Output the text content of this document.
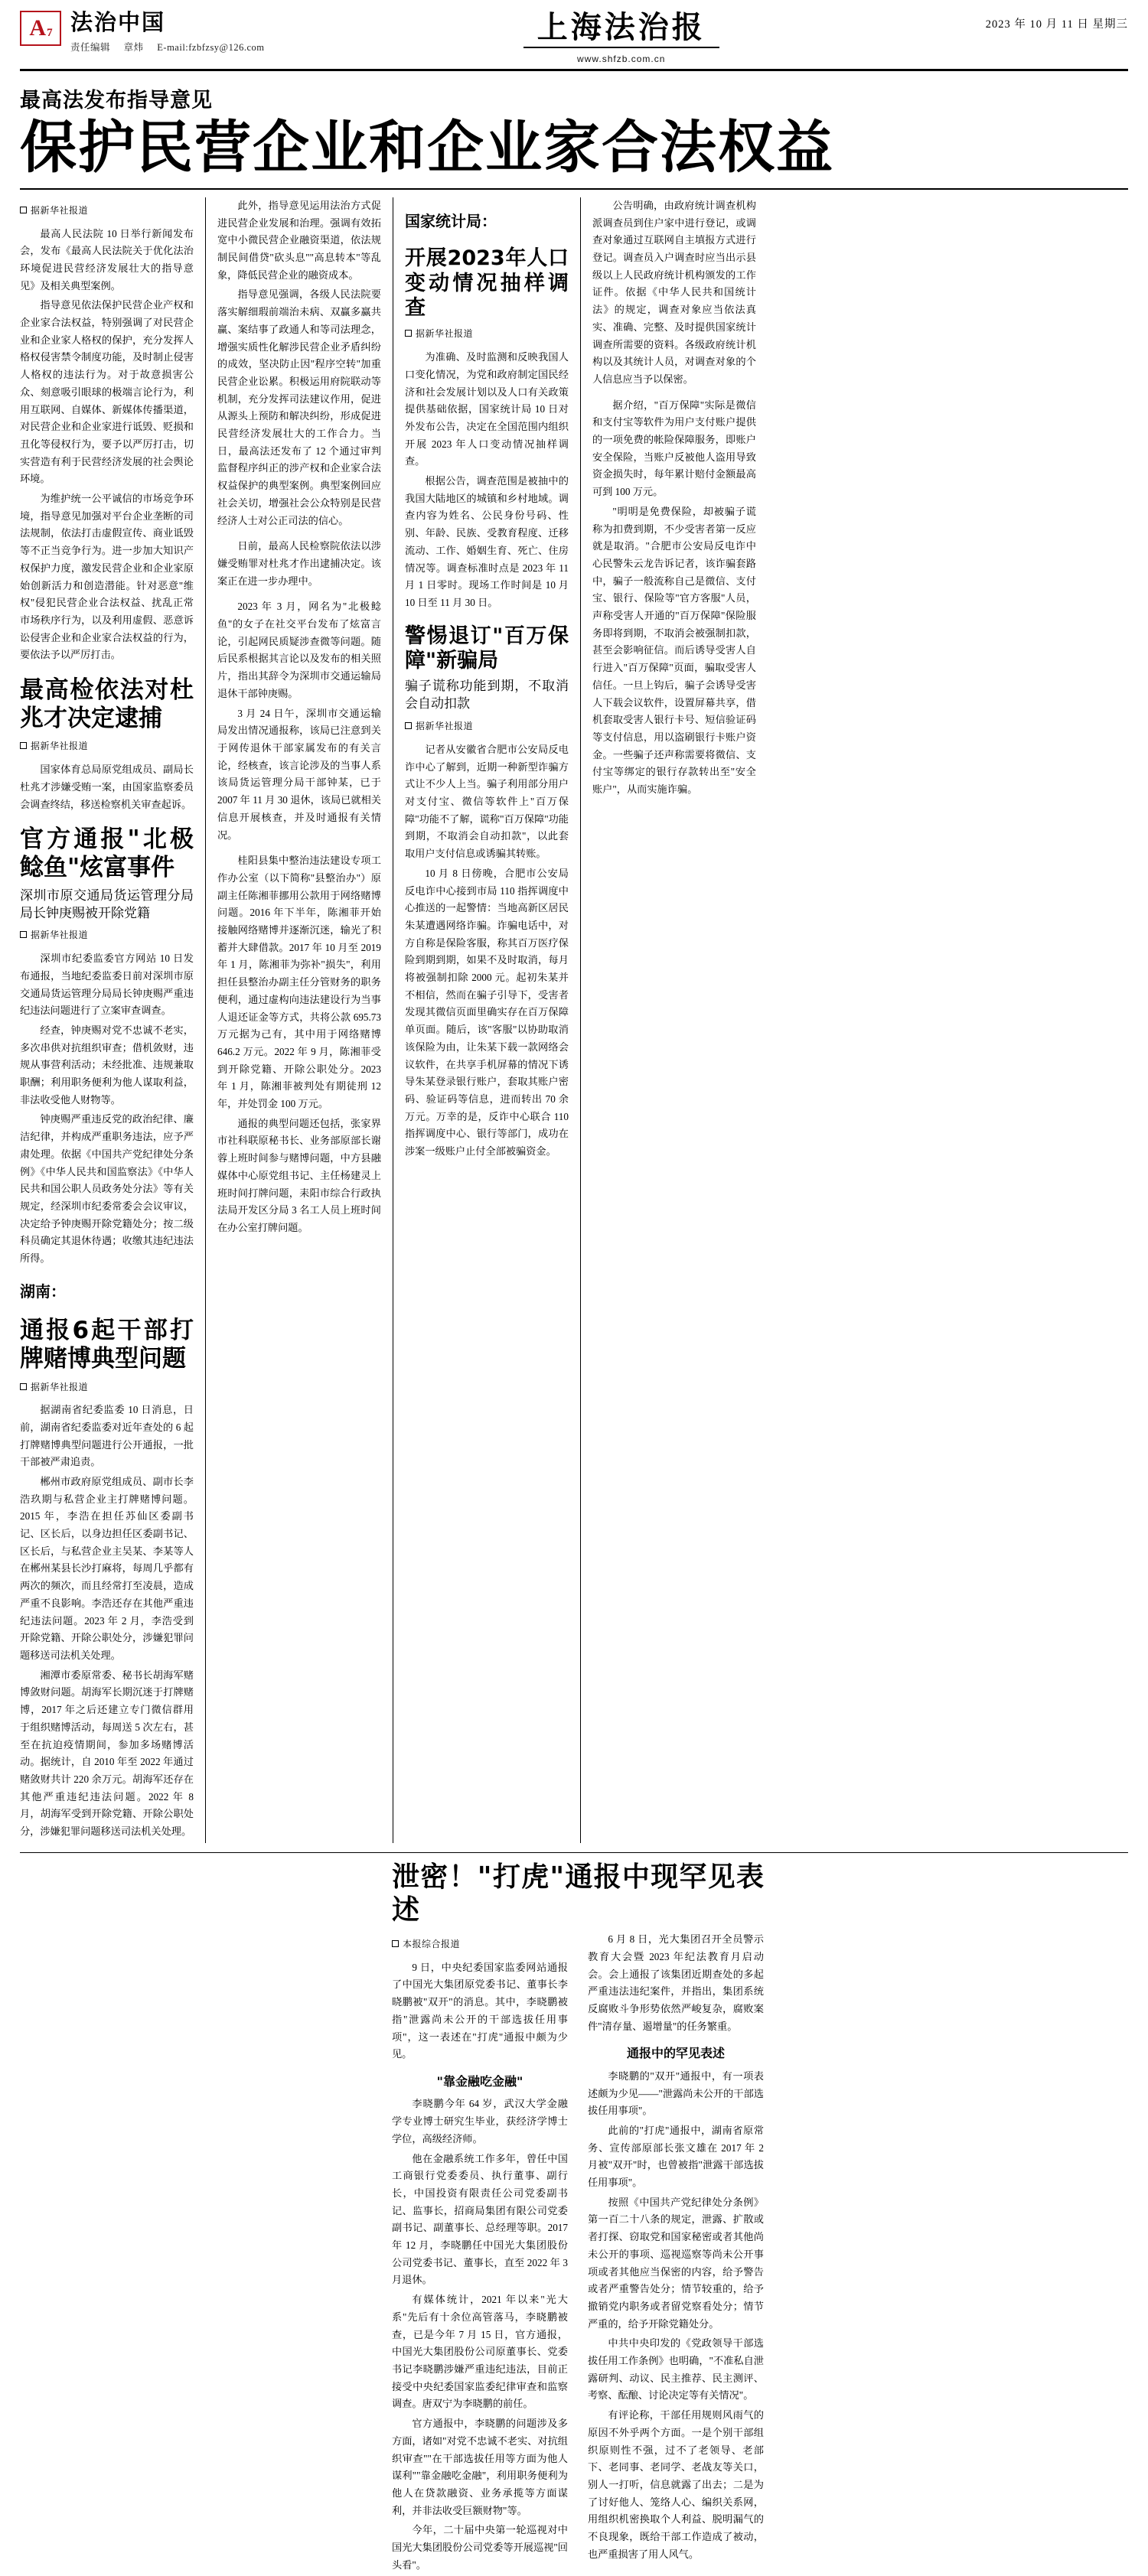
A 7 法治中国
责任编辑 章炜 E-mail:fzbfzsy@126.com
上海法治报
www.shfzb.com.cn
2023 年 10 月 11 日 星期三
最高法发布指导意见
保护民营企业和企业家合法权益
据新华社报道

最高人民法院 10 日举行新闻发布会，发布《最高人民法院关于优化法治环境促进民营经济发展壮大的指导意见》及相关典型案例。

指导意见依法保护民营企业产权和企业家合法权益，特别强调了对民营企业和企业家人格权的保护，充分发挥人格权侵害禁令制度功能，及时制止侵害人格权的违法行为。对于故意损害公众、刻意吸引眼球的极端言论行为，利用互联网、自媒体、新媒体传播渠道，对民营企业和企业家进行诋毁、贬损和丑化等侵权行为，要予以严厉打击，切实营造有利于民营经济发展的社会舆论环境。

为维护统一公平诚信的市场竞争环境，指导意见加强对平台企业垄断的司法规制，依法打击虚假宣传、商业诋毁等不正当竞争行为。进一步加大知识产权保护力度，激发民营企业和企业家原始创新活力和创造潜能。针对恶意"维权"侵犯民营企业合法权益、扰乱正常市场秩序行为，以及利用虚假、恶意诉讼侵害企业和企业家合法权益的行为，要依法予以严厉打击。

最高检依法对杜兆才决定逮捕
据新华社报道

国家体育总局原党组成员、副局长杜兆才涉嫌受贿一案，由国家监察委员会调查终结，移送检察机关审查起诉。

官方通报"北极鲶鱼"炫富事件
深圳市原交通局货运管理分局局长钟庚赐被开除党籍
据新华社报道

深圳市纪委监委官方网站 10 日发布通报，当地纪委监委日前对深圳市原交通局货运管理分局局长钟庚赐严重违纪违法问题进行了立案审查调查。

经查，钟庚赐对党不忠诚不老实，多次串供对抗组织审查；借机敛财，违规从事营利活动；未经批准、违规兼取职酬；利用职务便利为他人谋取利益，非法收受他人财物等。

钟庚赐严重违反党的政治纪律、廉洁纪律，并构成严重职务违法，应予严肃处理。依据《中国共产党纪律处分条例》《中华人民共和国监察法》《中华人民共和国公职人员政务处分法》等有关规定，经深圳市纪委常委会会议审议，决定给予钟庚赐开除党籍处分；按二级科员确定其退休待遇；收缴其违纪违法所得。

湖南：
通报6起干部打牌赌博典型问题
据新华社报道

据湖南省纪委监委 10 日消息，日前，湖南省纪委监委对近年查处的 6 起打牌赌博典型问题进行公开通报，一批干部被严肃追责。

郴州市政府原党组成员、副市长李浩玖期与私营企业主打牌赌博问题。2015 年，李浩在担任苏仙区委副书记、区长后，以身边担任区委副书记、区长后，与私营企业主吴某、李某等人在郴州某县长沙打麻将，每周几乎都有两次的频次，而且经常打至凌晨，造成严重不良影响。李浩还存在其他严重违纪违法问题。2023 年 2 月，李浩受到开除党籍、开除公职处分，涉嫌犯罪问题移送司法机关处理。

湘潭市委原常委、秘书长胡海军赌博敛财问题。胡海军长期沉迷于打牌赌博，2017 年之后还建立专门微信群用于组织赌博活动，每周送 5 次左右，甚至在抗迫疫情期间，参加多场赌博活动。据统计，自 2010 年至 2022 年通过赌敛财共计 220 余万元。胡海军还存在其他严重违纪违法问题。2022 年 8 月，胡海军受到开除党籍、开除公职处分，涉嫌犯罪问题移送司法机关处理。

此外，指导意见运用法治方式促进民营企业发展和治理。强调有效拓宽中小微民营企业融资渠道，依法规制民间借贷"砍头息""高息转本"等乱象，降低民营企业的融资成本。

指导意见强调，各级人民法院要落实解细瑕前端治未病、双赢多赢共赢、案结事了政通人和等司法理念，增强实质性化解涉民营企业矛盾纠纷的成效，坚决防止因"程序空转"加重民营企业讼累。积极运用府院联动等机制，充分发挥司法建议作用，促进从源头上预防和解决纠纷，形成促进民营经济发展壮大的工作合力。当日，最高法还发布了 12 个通过审判监督程序纠正的涉产权和企业家合法权益保护的典型案例。典型案例回应社会关切，增强社会公众特别是民营经济人士对公正司法的信心。

日前，最高人民检察院依法以涉嫌受贿罪对杜兆才作出逮捕决定。该案正在进一步办理中。

2023 年 3 月，网名为"北极鲶鱼"的女子在社交平台发布了炫富言论，引起网民质疑涉查微等问题。随后民系根据其言论以及发布的相关照片，指出其辞令为深圳市交通运输局退休干部钟庚赐。

3 月 24 日午，深圳市交通运输局发出情况通报称，该局已注意到关于网传退休干部家属发布的有关言论，经核查，该言论涉及的当事人系该局货运管理分局干部钟某，已于 2007 年 11 月 30 退休，该局已就相关信息开展核查，并及时通报有关情况。

桂阳县集中整治违法建设专项工作办公室（以下简称"县整治办"）原副主任陈湘菲挪用公款用于网络赌博问题。2016 年下半年，陈湘菲开始接触网络赌博并逐渐沉迷，输光了积蓄并大肆借款。2017 年 10 月至 2019 年 1 月，陈湘菲为弥补"损失"，利用担任县整治办副主任分管财务的职务便利，通过虚构向违法建设行为当事人退还证金等方式，共将公款 695.73 万元据为己有，其中用于网络赌博 646.2 万元。2022 年 9 月，陈湘菲受到开除党籍、开除公职处分。2023 年 1 月，陈湘菲被判处有期徒刑 12 年，并处罚金 100 万元。

通报的典型问题还包括，张家界市社科联原秘书长、业务部原部长谢蓉上班时间参与赌博问题，中方县融媒体中心原党组书记、主任杨建灵上班时间打牌问题，耒阳市综合行政执法局开发区分局 3 名工人员上班时间在办公室打牌问题。

国家统计局：
开展2023年人口变动情况抽样调查
据新华社报道

为准确、及时监测和反映我国人口变化情况，为党和政府制定国民经济和社会发展计划以及人口有关政策提供基础依据，国家统计局 10 日对外发布公告，决定在全国范围内组织开展 2023 年人口变动情况抽样调查。

根据公告，调查范围是被抽中的我国大陆地区的城镇和乡村地域。调查内容为姓名、公民身份号码、性别、年龄、民族、受教育程度、迁移流动、工作、婚姻生育、死亡、住房情况等。调查标准时点是 2023 年 11 月 1 日零时。现场工作时间是 10 月 10 日至 11 月 30 日。

警惕退订"百万保障"新骗局
骗子谎称功能到期，不取消会自动扣款
据新华社报道

记者从安徽省合肥市公安局反电诈中心了解到，近期一种新型诈骗方式让不少人上当。骗子利用部分用户对支付宝、微信等软件上"百万保障"功能不了解，谎称"百万保障"功能到期，不取消会自动扣款"，以此套取用户支付信息或诱骗其转账。

10 月 8 日傍晚，合肥市公安局反电诈中心接到市局 110 指挥调度中心推送的一起警情：当地高新区居民朱某遭遇网络诈骗。诈骗电话中，对方自称是保险客服，称其百万医疗保险到期到期，如果不及时取消，每月将被强制扣除 2000 元。起初朱某并不相信，然而在骗子引导下，受害者发现其微信页面里确实存在百万保障单页面。随后，该"客服"以协助取消该保险为由，让朱某下载一款网络会议软件，在共享手机屏幕的情况下诱导朱某登录银行账户，套取其账户密码、验证码等信息，进而转出 70 余万元。万幸的是，反诈中心联合 110 指挥调度中心、银行等部门，成功在涉案一级账户止付全部被骗资金。

公告明确，由政府统计调查机构派调查员到住户家中进行登记，或调查对象通过互联网自主填报方式进行登记。调查员入户调查时应当出示县级以上人民政府统计机构颁发的工作证件。依据《中华人民共和国统计法》的规定，调查对象应当依法真实、准确、完整、及时提供国家统计调查所需要的资料。各级政府统计机构以及其统计人员，对调查对象的个人信息应当予以保密。

据介绍，"百万保障"实际是微信和支付宝等软件为用户支付账户提供的一项免费的帐险保障服务，即账户安全保险，当账户反被他人盗用导致资金损失时，每年累计赔付金额最高可到 100 万元。

"明明是免费保险，却被骗子谎称为扣费到期，不少受害者第一反应就是取消。"合肥市公安局反电诈中心民警朱云龙告诉记者，该诈骗套路中，骗子一般流称自己是微信、支付宝、银行、保险等"官方客服"人员，声称受害人开通的"百万保障"保险服务即将到期，不取消会被强制扣款，甚至会影响征信。而后诱导受害人自行进入"百万保障"页面，骗取受害人信任。一旦上钩后，骗子会诱导受害人下载会议软件，设置屏幕共享，借机套取受害人银行卡号、短信验证码等支付信息，用以盗刷银行卡账户资金。一些骗子还声称需要将微信、支付宝等绑定的银行存款转出至"安全账户"，从而实施诈骗。

泄密！"打虎"通报中现罕见表述
本报综合报道

9 日，中央纪委国家监委网站通报了中国光大集团原党委书记、董事长李晓鹏被"双开"的消息。其中，李晓鹏被指"泄露尚未公开的干部选拔任用事项"，这一表述在"打虎"通报中颇为少见。

"靠金融吃金融"

李晓鹏今年 64 岁，武汉大学金融学专业博士研究生毕业，获经济学博士学位，高级经济师。

他在金融系统工作多年，曾任中国工商银行党委委员、执行董事、副行长，中国投资有限责任公司党委副书记、监事长，招商局集团有限公司党委副书记、副董事长、总经理等职。2017 年 12 月，李晓鹏任中国光大集团股份公司党委书记、董事长，直至 2022 年 3 月退休。

有媒体统计，2021 年以来"光大系"先后有十余位高管落马，李晓鹏被查，已是今年 7 月 15 日，官方通报，中国光大集团股份公司原董事长、党委书记李晓鹏涉嫌严重违纪违法，目前正接受中央纪委国家监委纪律审查和监察调查。唐双宁为李晓鹏的前任。

官方通报中，李晓鹏的问题涉及多方面，诸如"对党不忠诚不老实、对抗组织审查""在干部选拔任用等方面为他人谋利""靠金融吃金融"，利用职务便利为他人在贷款融资、业务承揽等方面谋利，并非法收受巨额财物"等。

今年，二十届中央第一轮巡视对中国光大集团股份公司党委等开展巡视"回头看"。

6 月 8 日，光大集团召开全员警示教育大会暨 2023 年纪法教育月启动会。会上通报了该集团近期查处的多起严重违法违纪案件，并指出，集团系统反腐败斗争形势依然严峻复杂，腐败案件"清存量、遏增量"的任务繁重。

通报中的罕见表述

李晓鹏的"双开"通报中，有一项表述颇为少见——"泄露尚未公开的干部选拔任用事项"。

此前的"打虎"通报中，湖南省原常务、宣传部原部长张文雄在 2017 年 2 月被"双开"时，也曾被指"泄露干部选拔任用事项"。

按照《中国共产党纪律处分条例》第一百二十八条的规定，泄露、扩散或者打探、窃取党和国家秘密或者其他尚未公开的事项、巡视巡察等尚未公开事项或者其他应当保密的内容，给予警告或者严重警告处分；情节较重的，给予撤销党内职务或者留党察看处分；情节严重的，给予开除党籍处分。

中共中央印发的《党政领导干部选拔任用工作条例》也明确，"不准私自泄露研判、动议、民主推荐、民主测评、考察、酝酿、讨论决定等有关情况"。

有评论称，干部任用规则风雨气的原因不外乎两个方面。一是个别干部组织原则性不强，过不了老领导、老部下、老同事、老同学、老战友等关口，别人一打听，信息就露了出去；二是为了讨好他人、笼络人心、编织关系网，用组织机密换取个人利益、脱明漏气的不良现象，既给干部工作造成了被动，也严重损害了用人风气。
